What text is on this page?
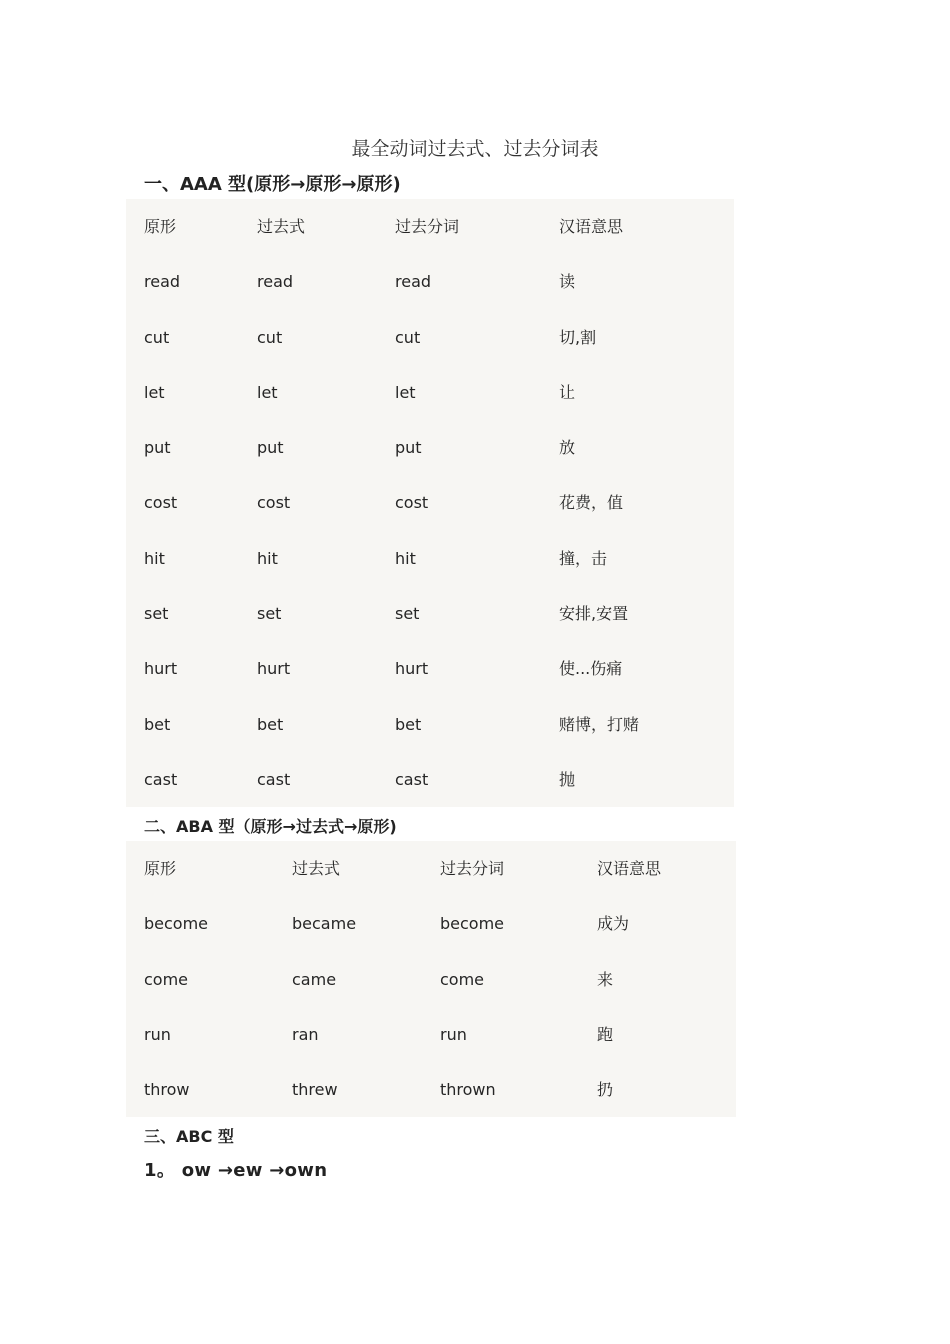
最全动词过去式、过去分词表
一、AAA 型(原形→原形→原形)
原形	过去式	过去分词	汉语意思
read	read	read	读
cut	cut	cut	切,割
let	let	let	让
put	put	put	放
cost	cost	cost	花费，值
hit	hit	hit	撞，击
set	set	set	安排,安置
hurt	hurt	hurt	使...伤痛
bet	bet	bet	赌博，打赌
cast	cast	cast	抛
二、ABA 型（原形→过去式→原形)
原形	过去式	过去分词	汉语意思
become	became	become	成为
come	came	come	来
run	ran	run	跑
throw	threw	thrown	扔
三、ABC 型
1。 ow →ew →own
